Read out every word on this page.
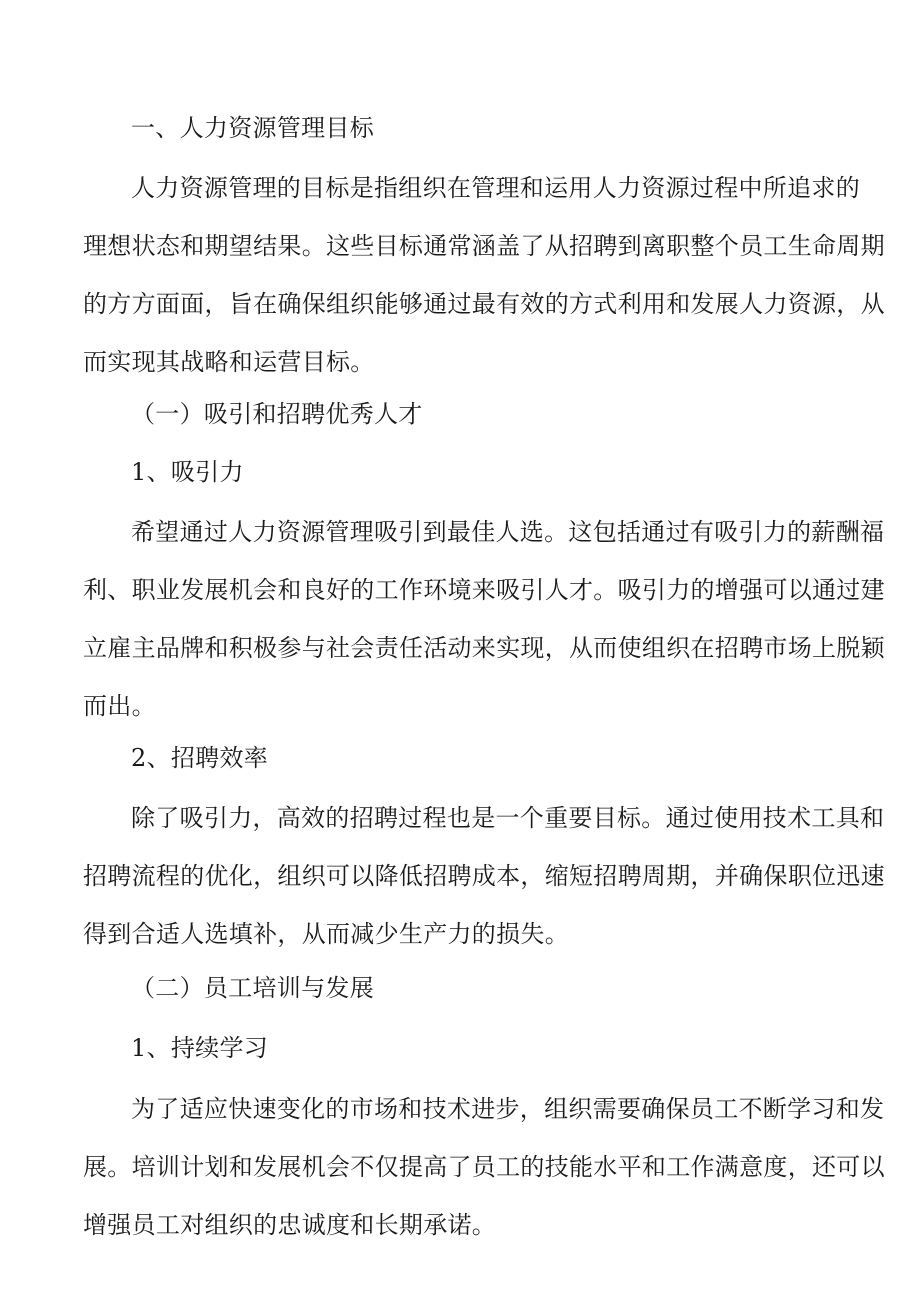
一、人力资源管理目标
人力资源管理的目标是指组织在管理和运用人力资源过程中所追求的
理想状态和期望结果。这些目标通常涵盖了从招聘到离职整个员工生命周期
的方方面面，旨在确保组织能够通过最有效的方式利用和发展人力资源，从
而实现其战略和运营目标。
（一）吸引和招聘优秀人才
1、吸引力
希望通过人力资源管理吸引到最佳人选。这包括通过有吸引力的薪酬福
利、职业发展机会和良好的工作环境来吸引人才。吸引力的增强可以通过建
立雇主品牌和积极参与社会责任活动来实现，从而使组织在招聘市场上脱颖
而出。
2、招聘效率
除了吸引力，高效的招聘过程也是一个重要目标。通过使用技术工具和
招聘流程的优化，组织可以降低招聘成本，缩短招聘周期，并确保职位迅速
得到合适人选填补，从而减少生产力的损失。
（二）员工培训与发展
1、持续学习
为了适应快速变化的市场和技术进步，组织需要确保员工不断学习和发
展。培训计划和发展机会不仅提高了员工的技能水平和工作满意度，还可以
增强员工对组织的忠诚度和长期承诺。
